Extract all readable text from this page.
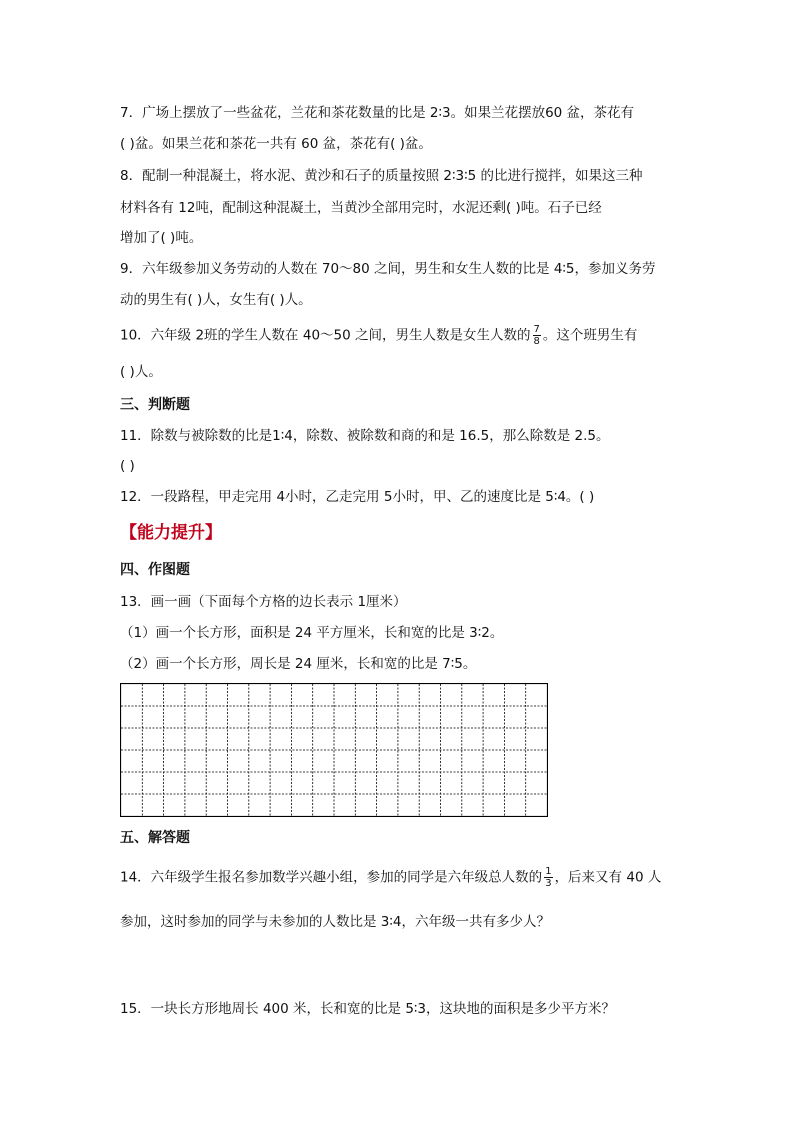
7．广场上摆放了一些盆花，兰花和茶花数量的比是 2∶3。如果兰花摆放60 盆，茶花有
( )盆。如果兰花和茶花一共有 60 盆，茶花有( )盆。
8．配制一种混凝土，将水泥、黄沙和石子的质量按照 2∶3∶5 的比进行搅拌，如果这三种
材料各有 12吨，配制这种混凝土，当黄沙全部用完时，水泥还剩( )吨。石子已经
增加了( )吨。
9．六年级参加义务劳动的人数在 70～80 之间，男生和女生人数的比是 4∶5，参加义务劳
动的男生有( )人，女生有( )人。
10．六年级 2班的学生人数在 40～50 之间，男生人数是女生人数的 $\frac{7}{8}$ 。这个班男生有
( )人。
三、判断题
11．除数与被除数的比是1∶4，除数、被除数和商的和是 16.5，那么除数是 2.5。
( )
12．一段路程，甲走完用 4小时，乙走完用 5小时，甲、乙的速度比是 5∶4。( )
【能力提升】
四、作图题
13．画一画（下面每个方格的边长表示 1厘米）
（1）画一个长方形，面积是 24 平方厘米，长和宽的比是 3∶2。
（2）画一个长方形，周长是 24 厘米，长和宽的比是 7∶5。
五、解答题
14．六年级学生报名参加数学兴趣小组，参加的同学是六年级总人数的 $\frac{1}{3}$ ，后来又有 40 人
参加，这时参加的同学与未参加的人数比是 3∶4，六年级一共有多少人？
15．一块长方形地周长 400 米，长和宽的比是 5∶3，这块地的面积是多少平方米？
